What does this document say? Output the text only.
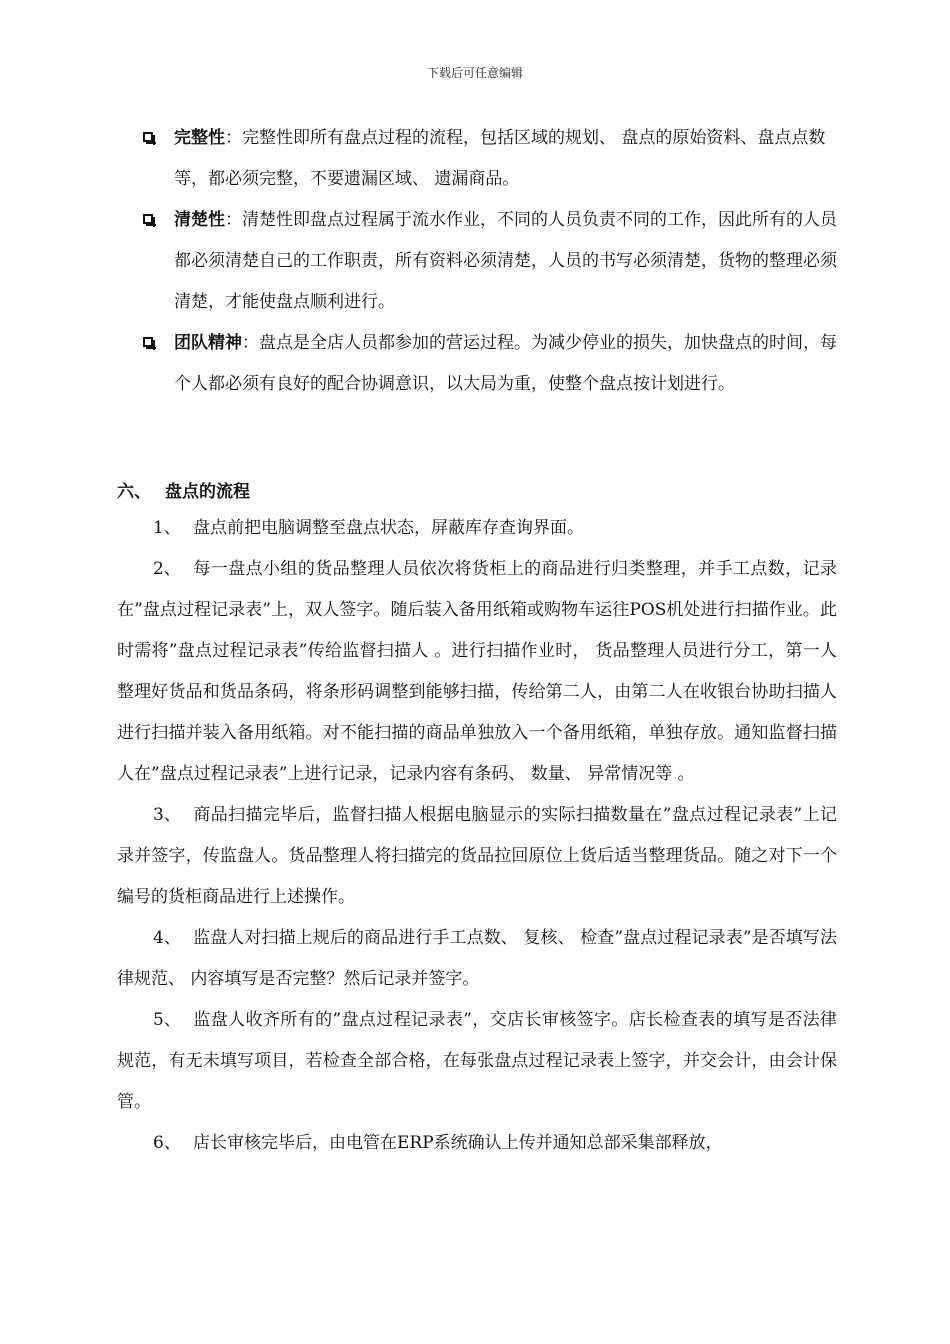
下载后可任意编辑
完整性：完整性即所有盘点过程的流程，包括区域的规划、 盘点的原始资料、盘点点数等，都必须完整，不要遗漏区域、 遗漏商品。
清楚性：清楚性即盘点过程属于流水作业，不同的人员负责不同的工作，因此所有的人员都必须清楚自己的工作职责，所有资料必须清楚，人员的书写必须清楚，货物的整理必须清楚，才能使盘点顺利进行。
团队精神：盘点是全店人员都参加的营运过程。为减少停业的损失，加快盘点的时间，每个人都必须有良好的配合协调意识，以大局为重，使整个盘点按计划进行。
六、 盘点的流程
1、 盘点前把电脑调整至盘点状态，屏蔽库存查询界面。
2、 每一盘点小组的货品整理人员依次将货柜上的商品进行归类整理，并手工点数，记录在”盘点过程记录表”上，双人签字。随后装入备用纸箱或购物车运往POS机处进行扫描作业。此时需将”盘点过程记录表”传给监督扫描人 。进行扫描作业时， 货品整理人员进行分工，第一人整理好货品和货品条码，将条形码调整到能够扫描，传给第二人，由第二人在收银台协助扫描人进行扫描并装入备用纸箱。对不能扫描的商品单独放入一个备用纸箱，单独存放。通知监督扫描人在”盘点过程记录表”上进行记录，记录内容有条码、 数量、 异常情况等 。
3、 商品扫描完毕后，监督扫描人根据电脑显示的实际扫描数量在”盘点过程记录表”上记录并签字，传监盘人。货品整理人将扫描完的货品拉回原位上货后适当整理货品。随之对下一个编号的货柜商品进行上述操作。
4、 监盘人对扫描上规后的商品进行手工点数、 复核、 检查”盘点过程记录表”是否填写法律规范、 内容填写是否完整？然后记录并签字。
5、 监盘人收齐所有的”盘点过程记录表”，交店长审核签字。店长检查表的填写是否法律规范，有无未填写项目，若检查全部合格，在每张盘点过程记录表上签字，并交会计，由会计保管。
6、 店长审核完毕后，由电管在ERP系统确认上传并通知总部采集部释放，
